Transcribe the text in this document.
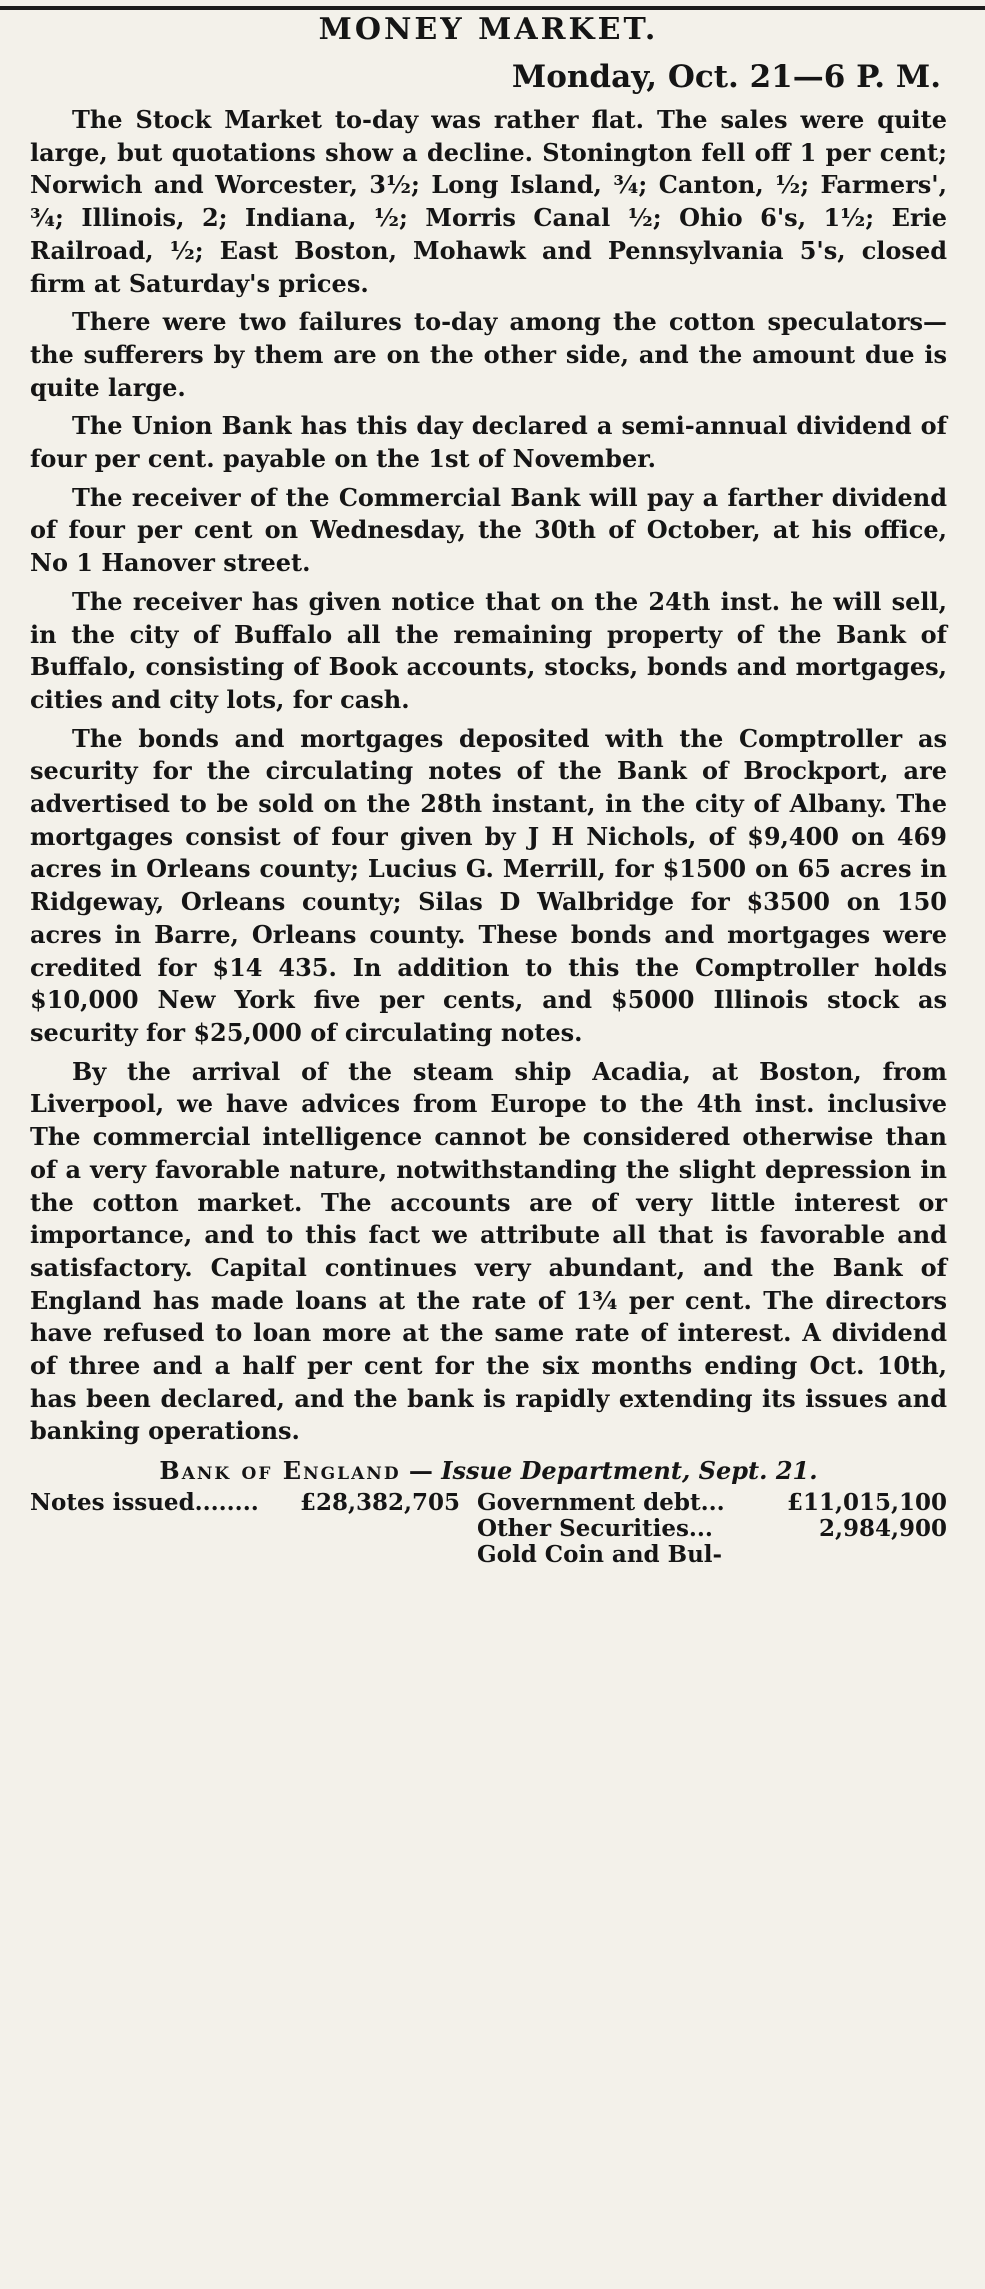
MONEY MARKET.
Monday, Oct. 21—6 P. M.

The Stock Market to-day was rather flat. The sales were quite large, but quotations show a decline. Stonington fell off 1 per cent; Norwich and Worcester, 3½; Long Island, ¾; Canton, ½; Farmers', ¾; Illinois, 2; Indiana, ½; Morris Canal ½; Ohio 6's, 1½; Erie Railroad, ½; East Boston, Mohawk and Pennsylvania 5's, closed firm at Saturday's prices.

There were two failures to-day among the cotton speculators—the sufferers by them are on the other side, and the amount due is quite large.

The Union Bank has this day declared a semi-annual dividend of four per cent. payable on the 1st of November.

The receiver of the Commercial Bank will pay a farther dividend of four per cent on Wednesday, the 30th of October, at his office, No 1 Hanover street.

The receiver has given notice that on the 24th inst. he will sell, in the city of Buffalo all the remaining property of the Bank of Buffalo, consisting of Book accounts, stocks, bonds and mortgages, cities and city lots, for cash.

The bonds and mortgages deposited with the Comptroller as security for the circulating notes of the Bank of Brockport, are advertised to be sold on the 28th instant, in the city of Albany. The mortgages consist of four given by J H Nichols, of $9,400 on 469 acres in Orleans county; Lucius G. Merrill, for $1500 on 65 acres in Ridgeway, Orleans county; Silas D Walbridge for $3500 on 150 acres in Barre, Orleans county. These bonds and mortgages were credited for $14 435. In addition to this the Comptroller holds $10,000 New York five per cents, and $5000 Illinois stock as security for $25,000 of circulating notes.

By the arrival of the steam ship Acadia, at Boston, from Liverpool, we have advices from Europe to the 4th inst. inclusive The commercial intelligence cannot be considered otherwise than of a very favorable nature, notwithstanding the slight depression in the cotton market. The accounts are of very little interest or importance, and to this fact we attribute all that is favorable and satisfactory. Capital continues very abundant, and the Bank of England has made loans at the rate of 1¾ per cent. The directors have refused to loan more at the same rate of interest. A dividend of three and a half per cent for the six months ending Oct. 10th, has been declared, and the bank is rapidly extending its issues and banking operations.

Bank of England — Issue Department, Sept. 21.
Notes issued........ £28,382,705 Government debt...	£11,015,100
Other Securities...	2,984,900
Gold Coin and Bul-
